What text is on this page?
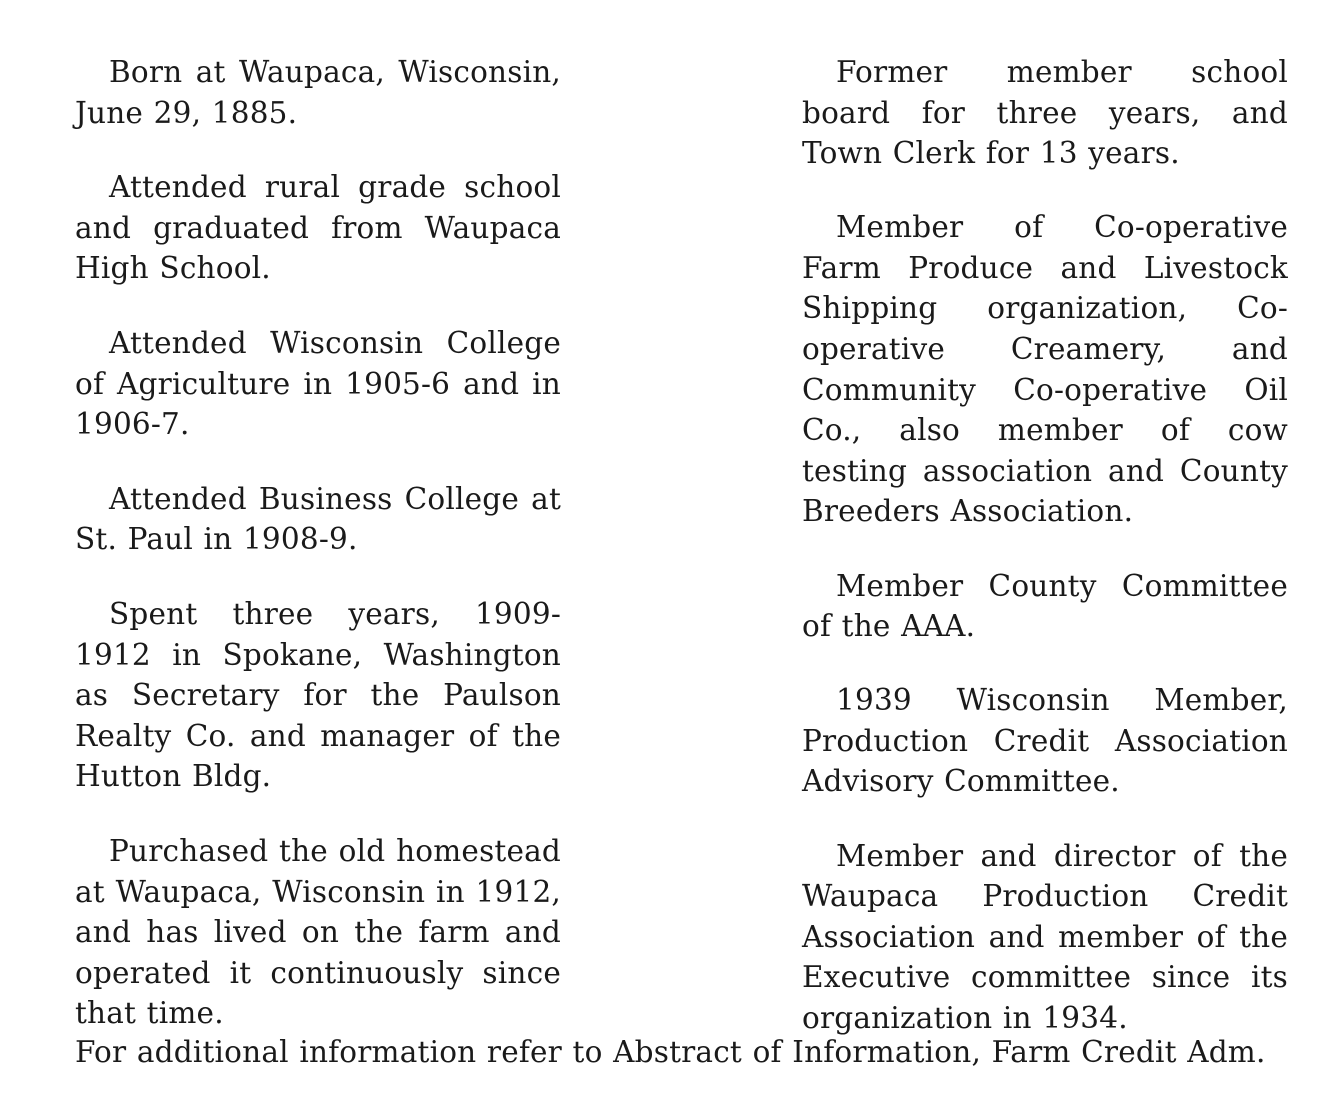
Born at Waupaca, Wisconsin, June 29, 1885.

Attended rural grade school and graduated from Waupaca High School.

Attended Wisconsin College of Agriculture in 1905-6 and in 1906-7.

Attended Business College at St. Paul in 1908-9.

Spent three years, 1909-1912 in Spokane, Washington as Secretary for the Paulson Realty Co. and manager of the Hutton Bldg.

Purchased the old homestead at Waupaca, Wisconsin in 1912, and has lived on the farm and operated it continuously since that time.

Former member school board for three years, and Town Clerk for 13 years.

Member of Co-operative Farm Produce and Livestock Shipping organization, Co-operative Creamery, and Community Co-operative Oil Co., also member of cow testing association and County Breeders Association.

Member County Committee of the AAA.

1939 Wisconsin Member, Production Credit Association Advisory Committee.

Member and director of the Waupaca Production Credit Association and member of the Executive committee since its organization in 1934.

For additional information refer to Abstract of Information, Farm Credit Adm.
